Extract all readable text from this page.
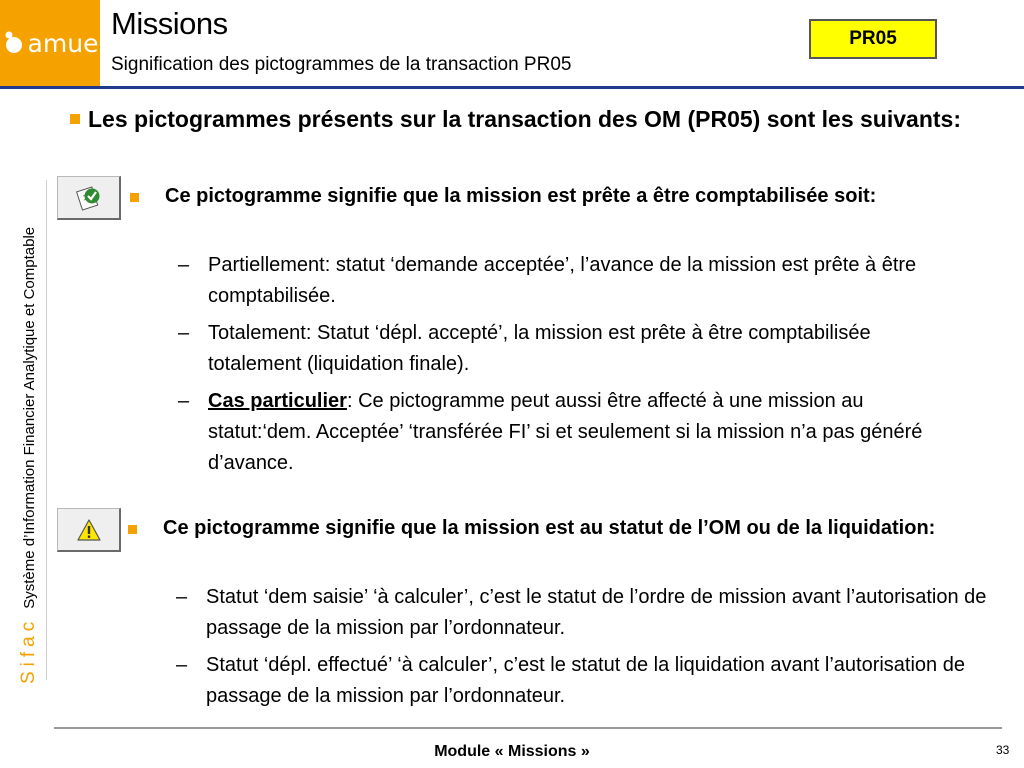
amue
Missions
Signification des pictogrammes de la transaction PR05
PR05
SifacSystème d’Information Financier Analytique et Comptable
Les pictogrammes présents sur la transaction des OM (PR05) sont les suivants:
Ce pictogramme signifie que la mission est prête a être comptabilisée soit:
– Partiellement: statut ‘demande acceptée’, l’avance de la mission est prête à être comptabilisée.
– Totalement: Statut ‘dépl. accepté’, la mission est prête à être comptabilisée totalement (liquidation finale).
– Cas particulier: Ce pictogramme peut aussi être affecté à une mission au statut:‘dem. Acceptée’ ‘transférée FI’ si et seulement si la mission n’a pas généré d’avance.
Ce pictogramme signifie que la mission est au statut de l’OM ou de la liquidation:
– Statut ‘dem saisie’ ‘à calculer’, c’est le statut de l’ordre de mission avant l’autorisation de passage de la mission par l’ordonnateur.
– Statut ‘dépl. effectué’ ‘à calculer’, c’est le statut de la liquidation avant l’autorisation de passage de la mission par l’ordonnateur.
Module « Missions »	33
